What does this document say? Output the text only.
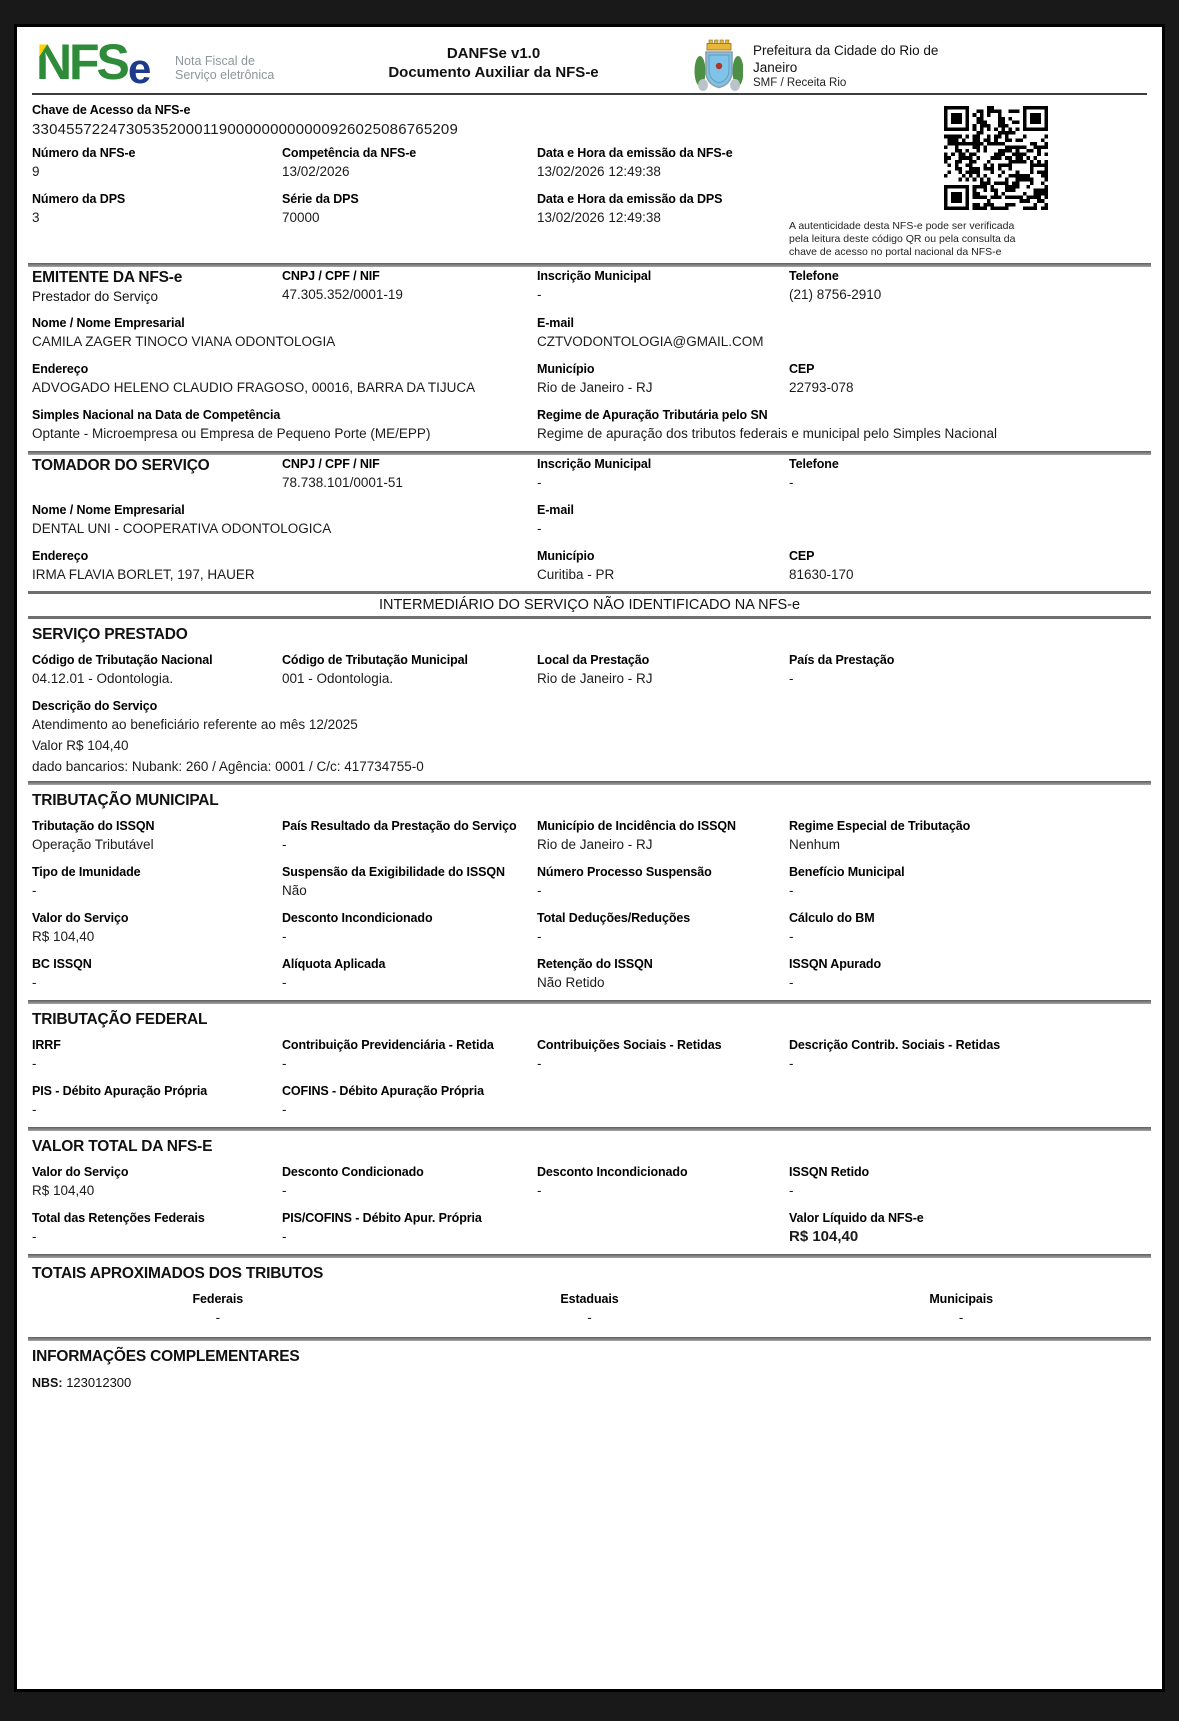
N
FS e Nota Fiscal de
Serviço eletrônica
DANFSe v1.0
Documento Auxiliar da NFS-e
Prefeitura da Cidade do Rio de Janeiro
SMF / Receita Rio
Chave de Acesso da NFS-e
33045572247305352000119000000000000926025086765209
Número da NFS-e
9
Competência da NFS-e
13/02/2026
Data e Hora da emissão da NFS-e
13/02/2026 12:49:38
Número da DPS
3
Série da DPS
70000
Data e Hora da emissão da DPS
13/02/2026 12:49:38
A autenticidade desta NFS-e pode ser verificada pela leitura deste código QR ou pela consulta da chave de acesso no portal nacional da NFS-e
EMITENTE DA NFS-e
Prestador do Serviço
CNPJ / CPF / NIF
47.305.352/0001-19
Inscrição Municipal
-
Telefone
(21) 8756-2910
Nome / Nome Empresarial
CAMILA ZAGER TINOCO VIANA ODONTOLOGIA
E-mail
CZTVODONTOLOGIA@GMAIL.COM
Endereço
ADVOGADO HELENO CLAUDIO FRAGOSO, 00016, BARRA DA TIJUCA
Município
Rio de Janeiro - RJ
CEP
22793-078
Simples Nacional na Data de Competência
Optante - Microempresa ou Empresa de Pequeno Porte (ME/EPP)
Regime de Apuração Tributária pelo SN
Regime de apuração dos tributos federais e municipal pelo Simples Nacional
TOMADOR DO SERVIÇO	CNPJ / CPF / NIF
78.738.101/0001-51
Inscrição Municipal
-
Telefone
-
Nome / Nome Empresarial
DENTAL UNI - COOPERATIVA ODONTOLOGICA
E-mail
-
Endereço
IRMA FLAVIA BORLET, 197, HAUER
Município
Curitiba - PR
CEP
81630-170
INTERMEDIÁRIO DO SERVIÇO NÃO IDENTIFICADO NA NFS-e
SERVIÇO PRESTADO
Código de Tributação Nacional
04.12.01 - Odontologia.
Código de Tributação Municipal
001 - Odontologia.
Local da Prestação
Rio de Janeiro - RJ
País da Prestação
-
Descrição do Serviço
Atendimento ao beneficiário referente ao mês 12/2025
Valor R$ 104,40
dado bancarios: Nubank: 260 / Agência: 0001 / C/c: 417734755-0
TRIBUTAÇÃO MUNICIPAL
Tributação do ISSQN
Operação Tributável
País Resultado da Prestação do Serviço
-
Município de Incidência do ISSQN
Rio de Janeiro - RJ
Regime Especial de Tributação
Nenhum
Tipo de Imunidade
-
Suspensão da Exigibilidade do ISSQN
Não
Número Processo Suspensão
-
Benefício Municipal
-
Valor do Serviço
R$ 104,40
Desconto Incondicionado
-
Total Deduções/Reduções
-
Cálculo do BM
-
BC ISSQN
-
Alíquota Aplicada
-
Retenção do ISSQN
Não Retido
ISSQN Apurado
-
TRIBUTAÇÃO FEDERAL
IRRF
-
Contribuição Previdenciária - Retida
-
Contribuições Sociais - Retidas
-
Descrição Contrib. Sociais - Retidas
-
PIS - Débito Apuração Própria
-
COFINS - Débito Apuração Própria
-
VALOR TOTAL DA NFS-E
Valor do Serviço
R$ 104,40
Desconto Condicionado
-
Desconto Incondicionado
-
ISSQN Retido
-
Total das Retenções Federais
-
PIS/COFINS - Débito Apur. Própria
-
Valor Líquido da NFS-e
R$ 104,40
TOTAIS APROXIMADOS DOS TRIBUTOS
Federais
-
Estaduais
-
Municipais
-
INFORMAÇÕES COMPLEMENTARES
NBS: 123012300
